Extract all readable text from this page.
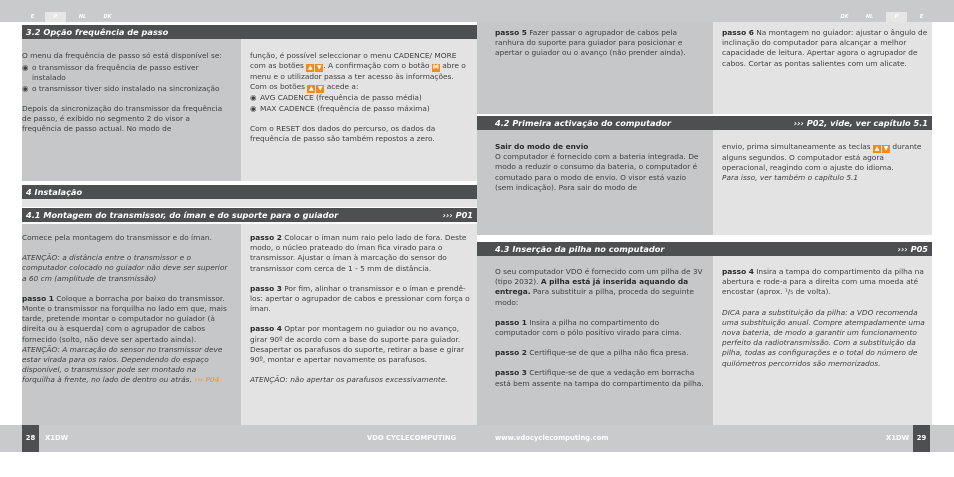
E	P	NL	DK	DK	NL	P	E
3.2 Opção frequência de passo

O menu da frequência de passo só está disponível se:

◉ o transmissor da frequência de passo estiver instalado
◉ o transmissor tiver sido instalado na sincronização

Depois da sincronização do transmissor da frequência de passo, é exibido no segmento 2 do visor a frequência de passo actual. No modo de

função, é possível seleccionar o menu CADENCE/ MORE com as botões ▲ ▼ . A confirmação com o botão M abre o menu e o utilizador passa a ter acesso às informações. Com os botões ▲ ▼ acede a:

◉ AVG CADENCE (frequência de passo média)
◉ MAX CADENCE (frequência de passo máxima)

Com o RESET dos dados do percurso, os dados da frequência de passo são também repostos a zero.

4 Instalação
4.1 Montagem do transmissor, do íman e do suporte para o guiador	››› P01

Comece pela montagem do transmissor e do íman.

ATENÇÃO: a distância entre o transmissor e o computador colocado no guiador não deve ser superior a 60 cm (amplitude de transmissão)

passo 1 Coloque a borracha por baixo do transmissor. Monte o transmissor na forquilha no lado em que, mais tarde, pretende montar o computador no guiador (à direita ou à esquerda) com o agrupador de cabos fornecido (solto, não deve ser apertado ainda).

ATENÇÃO: A marcação do sensor no transmissor deve estar virada para os raios. Dependendo do espaço disponível, o transmissor pode ser montado na forquilha à frente, no lado de dentro ou atrás. ››› P04

passo 2 Colocar o íman num raio pelo lado de fora. Deste modo, o núcleo prateado do íman fica virado para o transmissor. Ajustar o íman à marcação do sensor do transmissor com cerca de 1 - 5 mm de distância.

passo 3 Por fim, alinhar o transmissor e o íman e prendê-los: apertar o agrupador de cabos e pressionar com força o íman.

passo 4 Optar por montagem no guiador ou no avanço, girar 90º de acordo com a base do suporte para guiador. Desapertar os parafusos do suporte, retirar a base e girar 90º, montar e apertar novamente os parafusos.

ATENÇÃO: não apertar os parafusos excessivamente.

passo 5 Fazer passar o agrupador de cabos pela ranhura do suporte para guiador para posicionar e apertar o guiador ou o avanço (não prender ainda).

passo 6 Na montagem no guiador: ajustar o ângulo de inclinação do computador para alcançar a melhor capacidade de leitura. Apertar agora o agrupador de cabos. Cortar as pontas salientes com um alicate.

4.2 Primeira activação do computador	››› P02, vide, ver capítulo 5.1

Sair do modo de envio

O computador é fornecido com a bateria integrada. De modo a reduzir o consumo da bateria, o computador é comutado para o modo de envio. O visor está vazio (sem indicação). Para sair do modo de

envio, prima simultaneamente as teclas ▲ ▼ durante alguns segundos. O computador está agora operacional, reagindo com o ajuste do idioma.

Para isso, ver também o capítulo 5.1

4.3 Inserção da pilha no computador	››› P05

O seu computador VDO é fornecido com um pilha de 3V (tipo 2032). A pilha está já inserida aquando da entrega. Para substituir a pilha, proceda do seguinte modo:

passo 1 Insira a pilha no compartimento do computador com o pólo positivo virado para cima.

passo 2 Certifique-se de que a pilha não fica presa.

passo 3 Certifique-se de que a vedação em borracha está bem assente na tampa do compartimento da pilha.

passo 4 Insira a tampa do compartimento da pilha na abertura e rode-a para a direita com uma moeda até encostar (aprox. ¹/₅ de volta).

DICA para a substituição da pilha: a VDO recomenda uma substituição anual. Compre atempadamente uma nova bateria, de modo a garantir um funcionamento perfeito da radiotransmissão. Com a substituição da pilha, todas as configurações e o total do número de quilómetros percorridos são memorizados.

28	X1DW	VDO CYCLECOMPUTING	www.vdocyclecomputing.com	X1DW	29
